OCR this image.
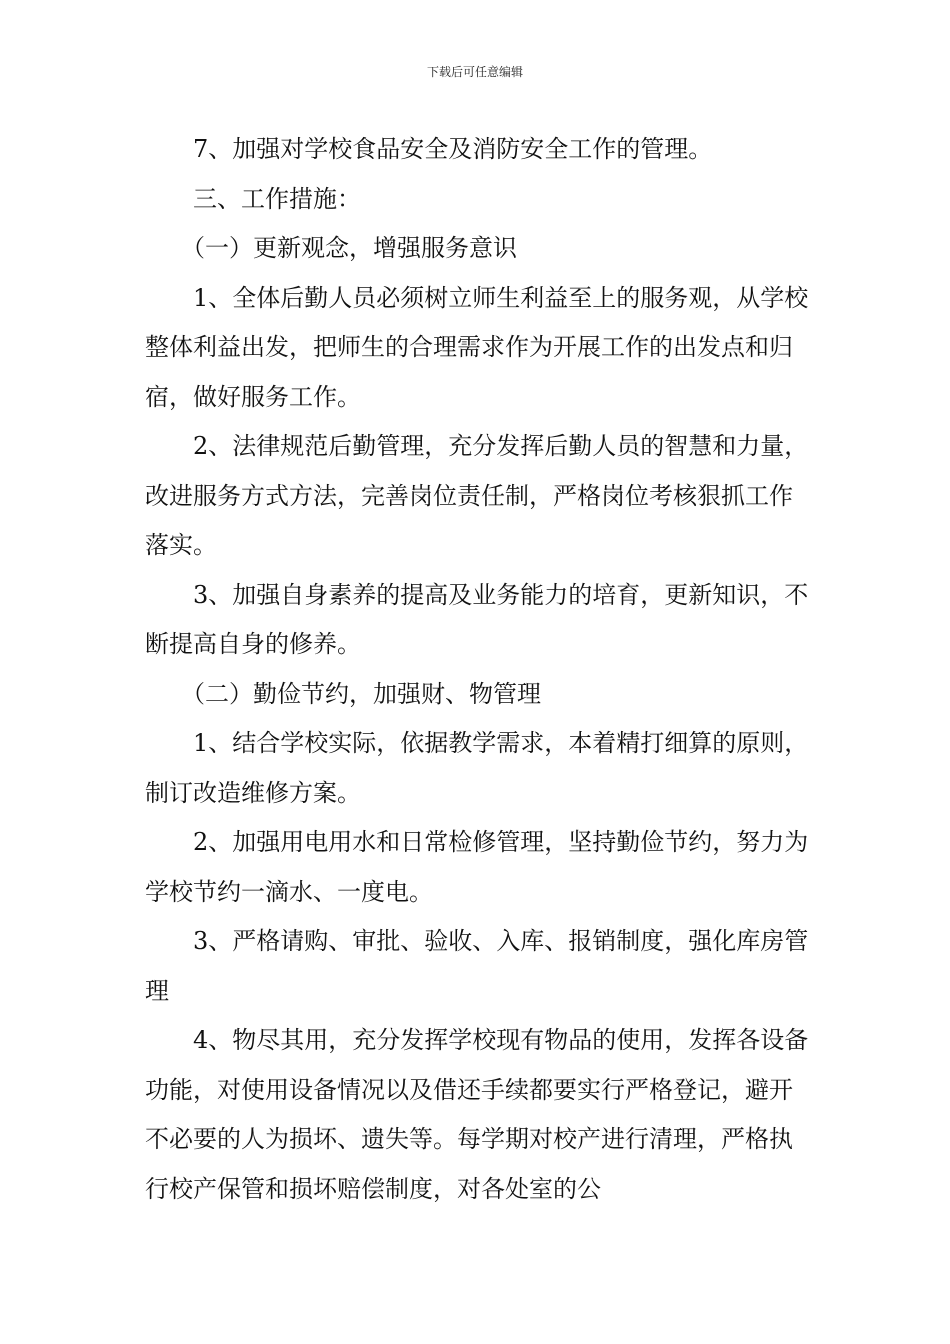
下载后可任意编辑

7、加强对学校食品安全及消防安全工作的管理。

三、工作措施：

（一）更新观念，增强服务意识

1、全体后勤人员必须树立师生利益至上的服务观，从学校整体利益出发，把师生的合理需求作为开展工作的出发点和归宿，做好服务工作。

2、法律规范后勤管理，充分发挥后勤人员的智慧和力量，改进服务方式方法，完善岗位责任制，严格岗位考核狠抓工作落实。

3、加强自身素养的提高及业务能力的培育，更新知识，不断提高自身的修养。

（二）勤俭节约，加强财、物管理

1、结合学校实际，依据教学需求，本着精打细算的原则，制订改造维修方案。

2、加强用电用水和日常检修管理，坚持勤俭节约，努力为学校节约一滴水、一度电。

3、严格请购、审批、验收、入库、报销制度，强化库房管理

4、物尽其用，充分发挥学校现有物品的使用，发挥各设备功能，对使用设备情况以及借还手续都要实行严格登记，避开不必要的人为损坏、遗失等。每学期对校产进行清理，严格执行校产保管和损坏赔偿制度，对各处室的公
